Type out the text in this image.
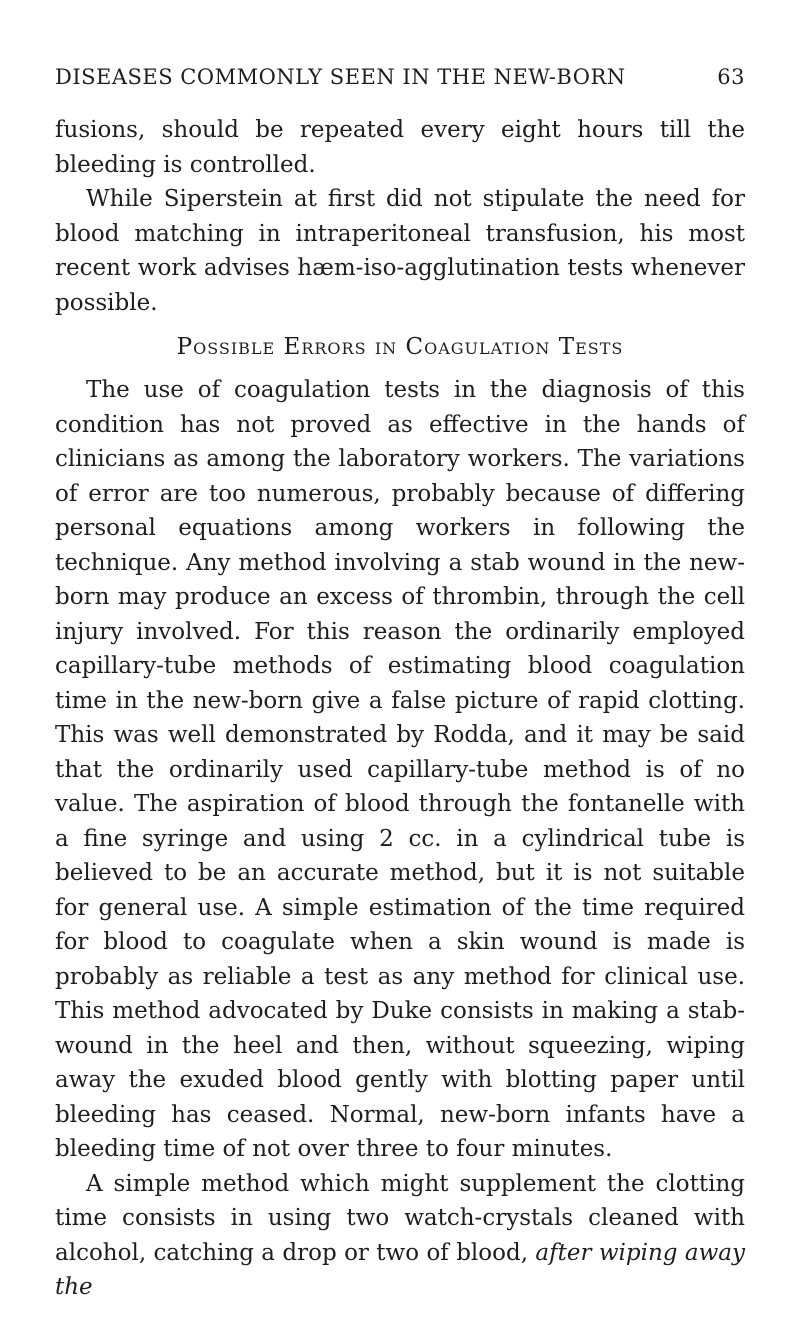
DISEASES COMMONLY SEEN IN THE NEW-BORN	63

fusions, should be repeated every eight hours till the bleeding is controlled.

While Siperstein at first did not stipulate the need for blood matching in intraperitoneal transfusion, his most recent work advises hæm-iso-agglutination tests whenever possible.

Possible Errors in Coagulation Tests

The use of coagulation tests in the diagnosis of this condition has not proved as effective in the hands of clinicians as among the laboratory workers. The variations of error are too numerous, probably because of differing personal equations among workers in following the technique. Any method involving a stab wound in the new-born may produce an excess of thrombin, through the cell injury involved. For this reason the ordinarily employed capillary-tube methods of estimating blood coagulation time in the new-born give a false picture of rapid clotting. This was well demonstrated by Rodda, and it may be said that the ordinarily used capillary-tube method is of no value. The aspiration of blood through the fontanelle with a fine syringe and using 2 cc. in a cylindrical tube is believed to be an accurate method, but it is not suitable for general use. A simple estimation of the time required for blood to coagulate when a skin wound is made is probably as reliable a test as any method for clinical use. This method advocated by Duke consists in making a stab-wound in the heel and then, without squeezing, wiping away the exuded blood gently with blotting paper until bleeding has ceased. Normal, new-born infants have a bleeding time of not over three to four minutes.

A simple method which might supplement the clotting time consists in using two watch-crystals cleaned with alcohol, catching a drop or two of blood, after wiping away the
